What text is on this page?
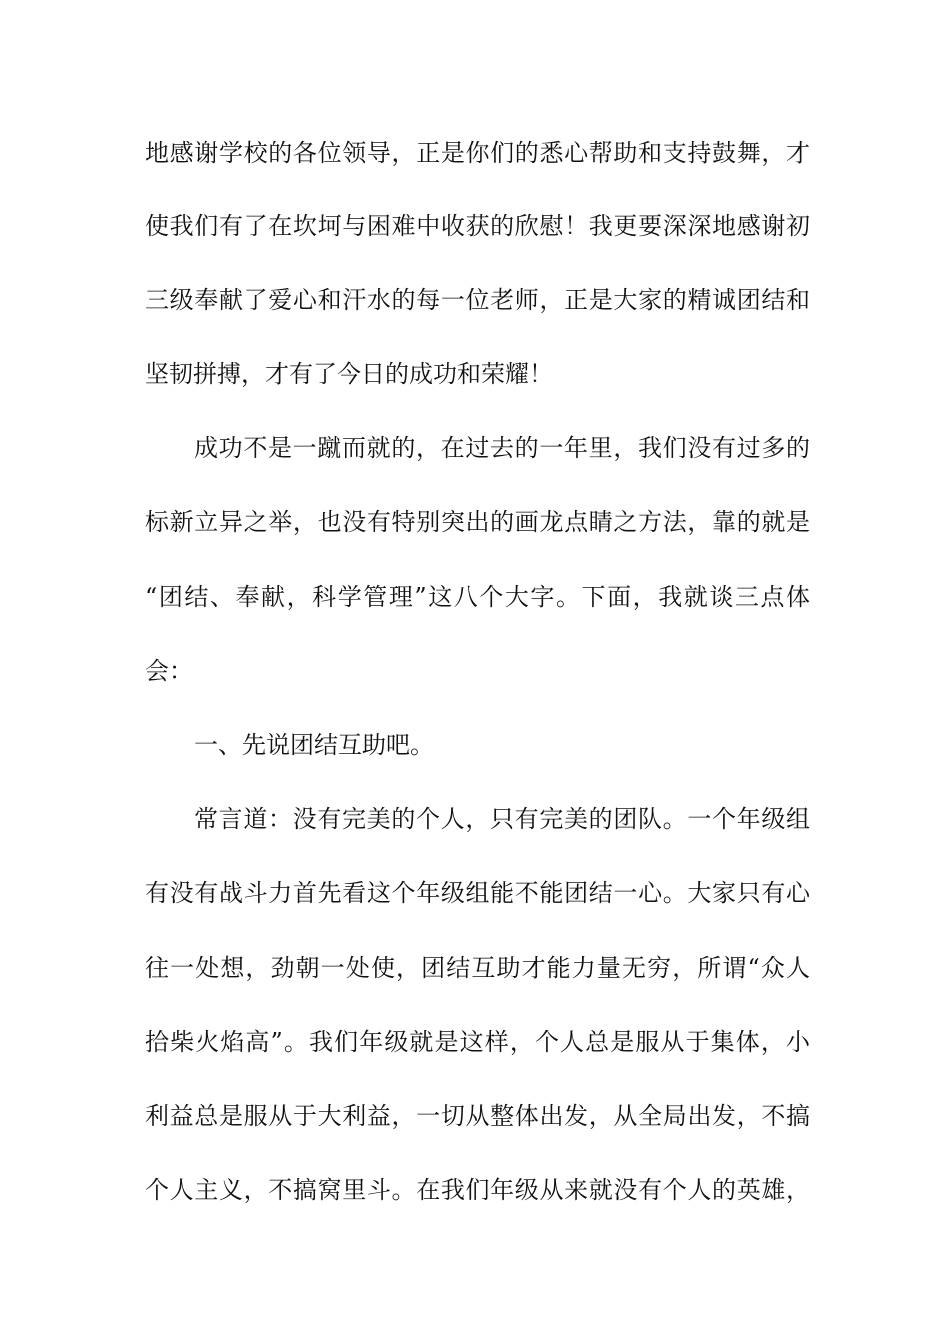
地感谢学校的各位领导，正是你们的悉心帮助和支持鼓舞，才
使我们有了在坎坷与困难中收获的欣慰！我更要深深地感谢初
三级奉献了爱心和汗水的每一位老师，正是大家的精诚团结和
坚韧拼搏，才有了今日的成功和荣耀！
成功不是一蹴而就的，在过去的一年里，我们没有过多的
标新立异之举，也没有特别突出的画龙点睛之方法，靠的就是
“团结、奉献，科学管理”这八个大字。下面，我就谈三点体
会：
一、先说团结互助吧。
常言道：没有完美的个人，只有完美的团队。一个年级组
有没有战斗力首先看这个年级组能不能团结一心。大家只有心
往一处想，劲朝一处使，团结互助才能力量无穷，所谓“众人
拾柴火焰高”。我们年级就是这样，个人总是服从于集体，小
利益总是服从于大利益，一切从整体出发，从全局出发，不搞
个人主义，不搞窝里斗。在我们年级从来就没有个人的英雄，
